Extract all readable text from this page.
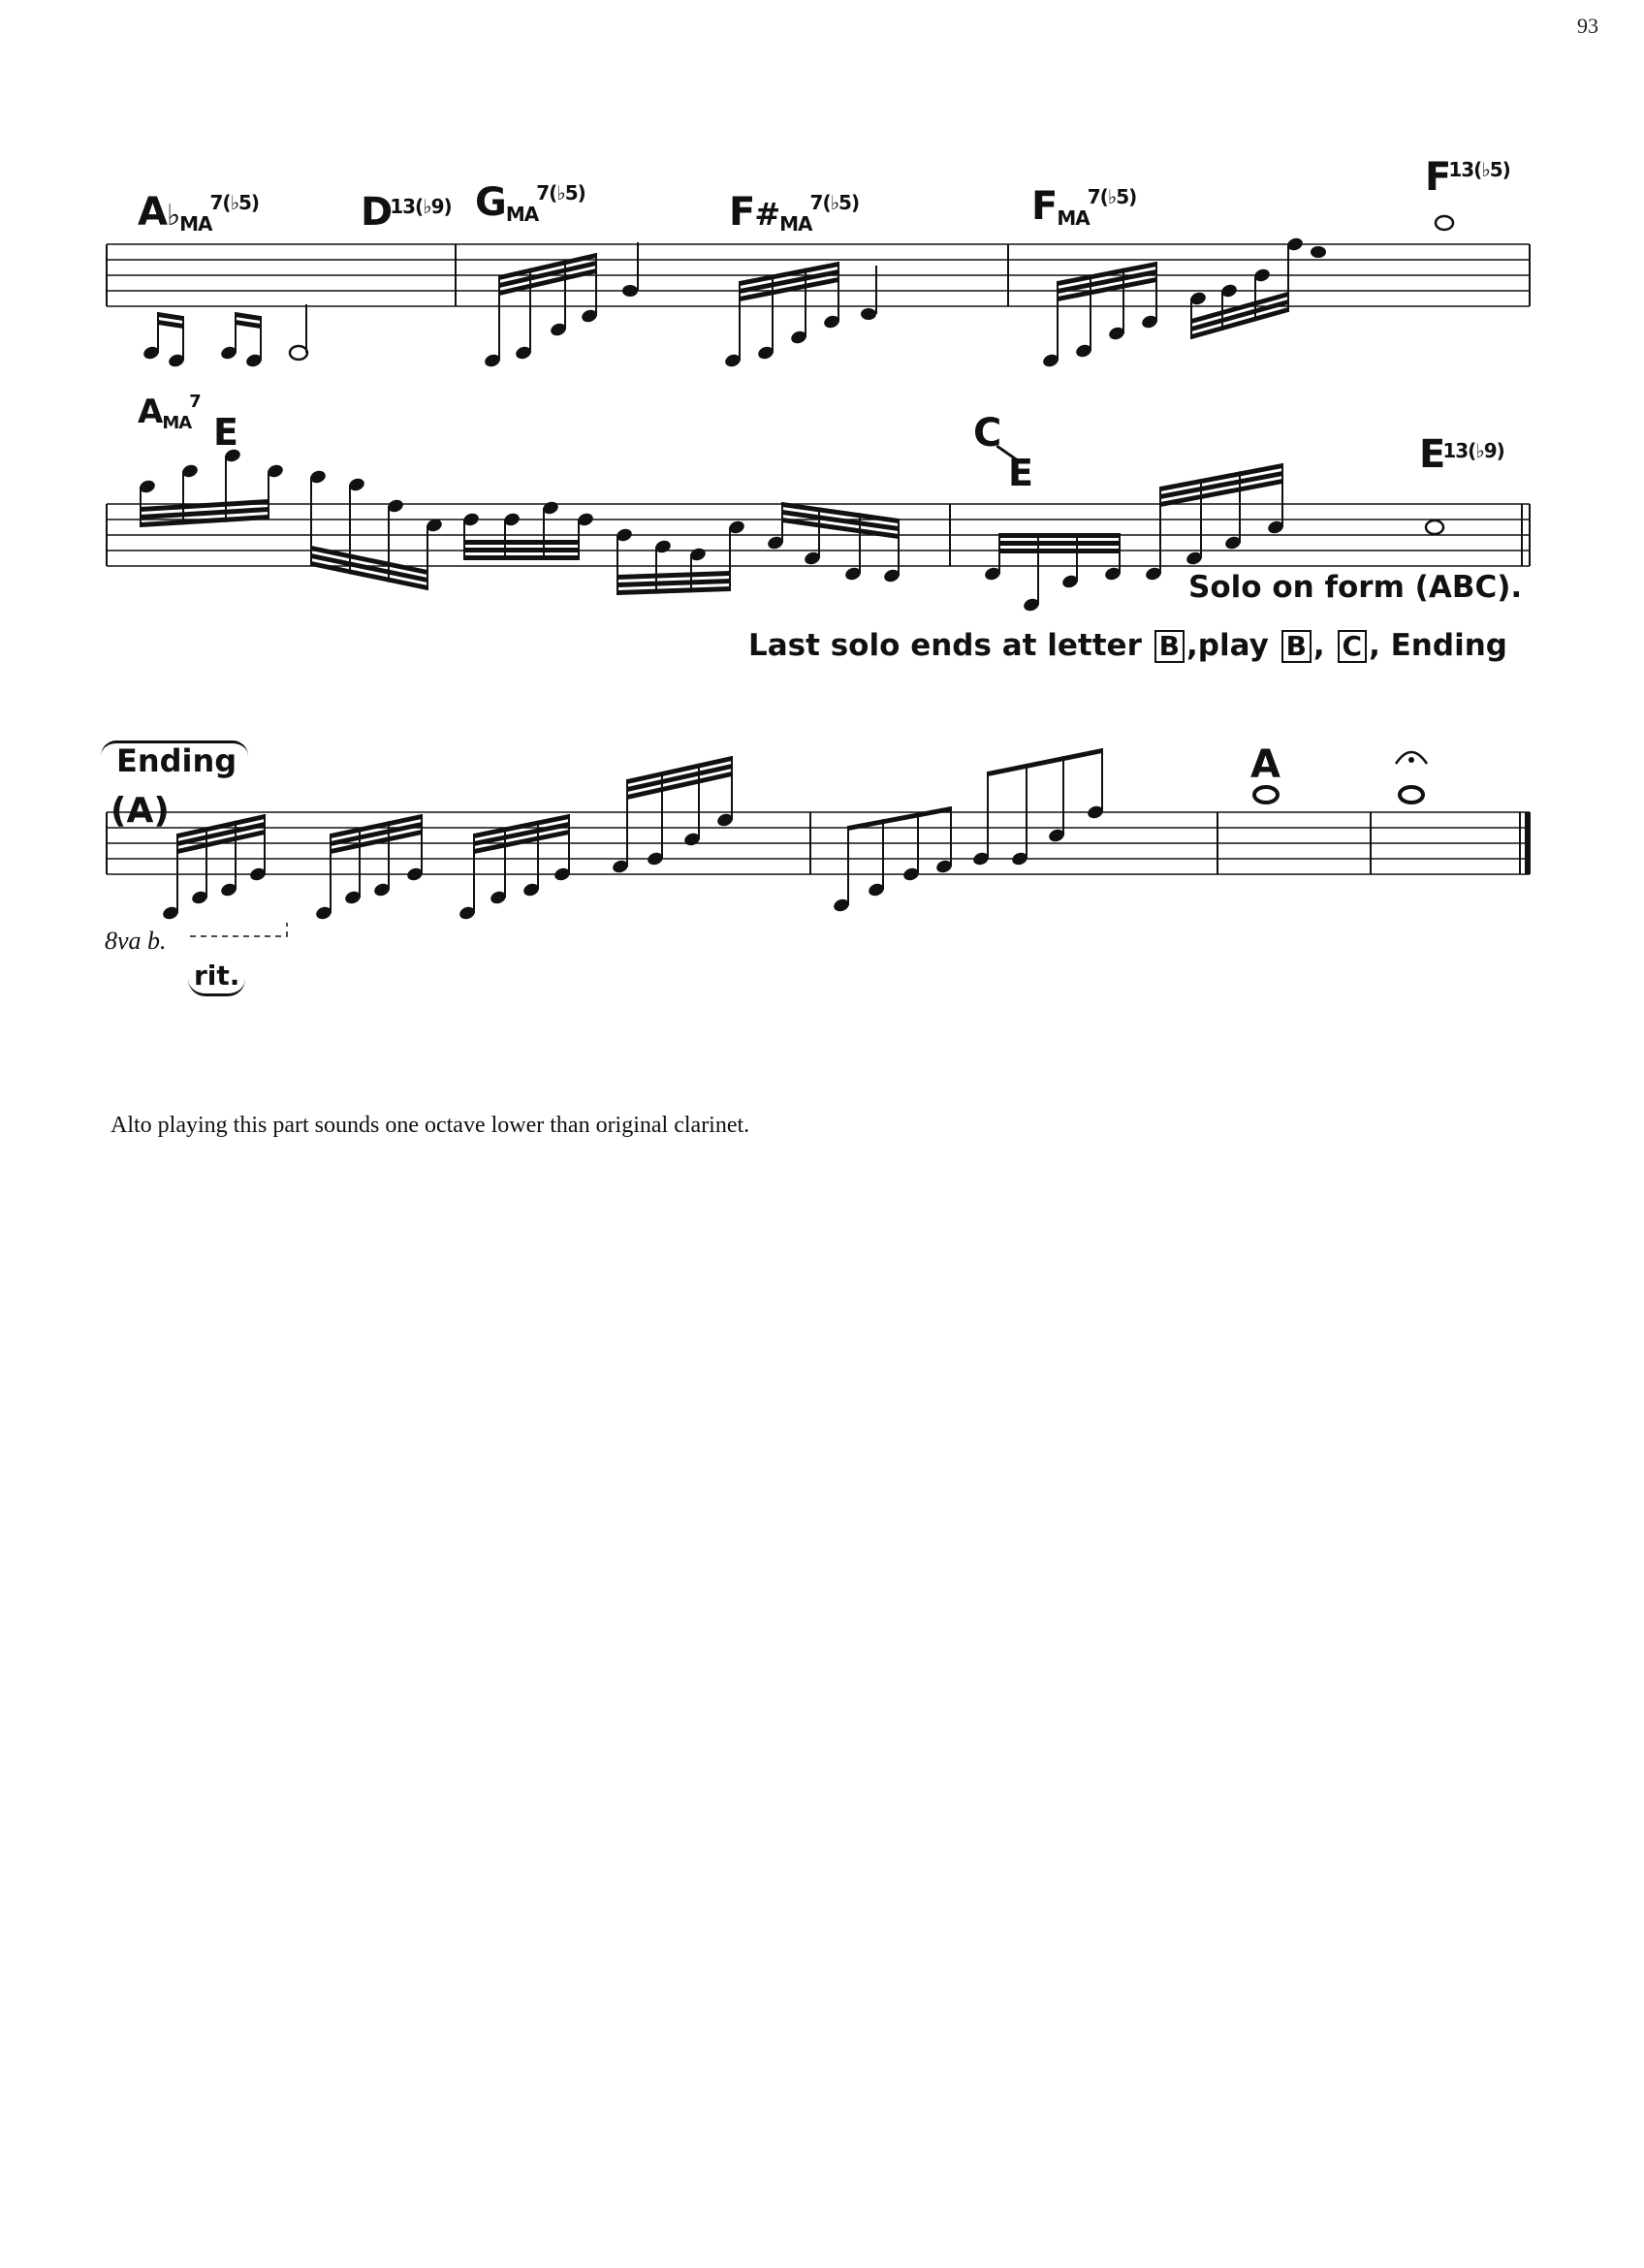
93
$A♭_{MA}^{7(♭5)}$	$D^{13(♭9)}$ $G_{MA}^{7(♭5)}$	$F\#_{MA}^{7(♭5)}$	$F_{MA}^{7(♭5)}$	$F^{13(♭5)}$
$A_{MA}^7$
E	C
E	$E^{13(♭9)}$
Solo on form (ABC).
Last solo ends at letter B ,play B , C , Ending
Ending
(A)
A
8va b.
rit.
Alto playing this part sounds one octave lower than original clarinet.
